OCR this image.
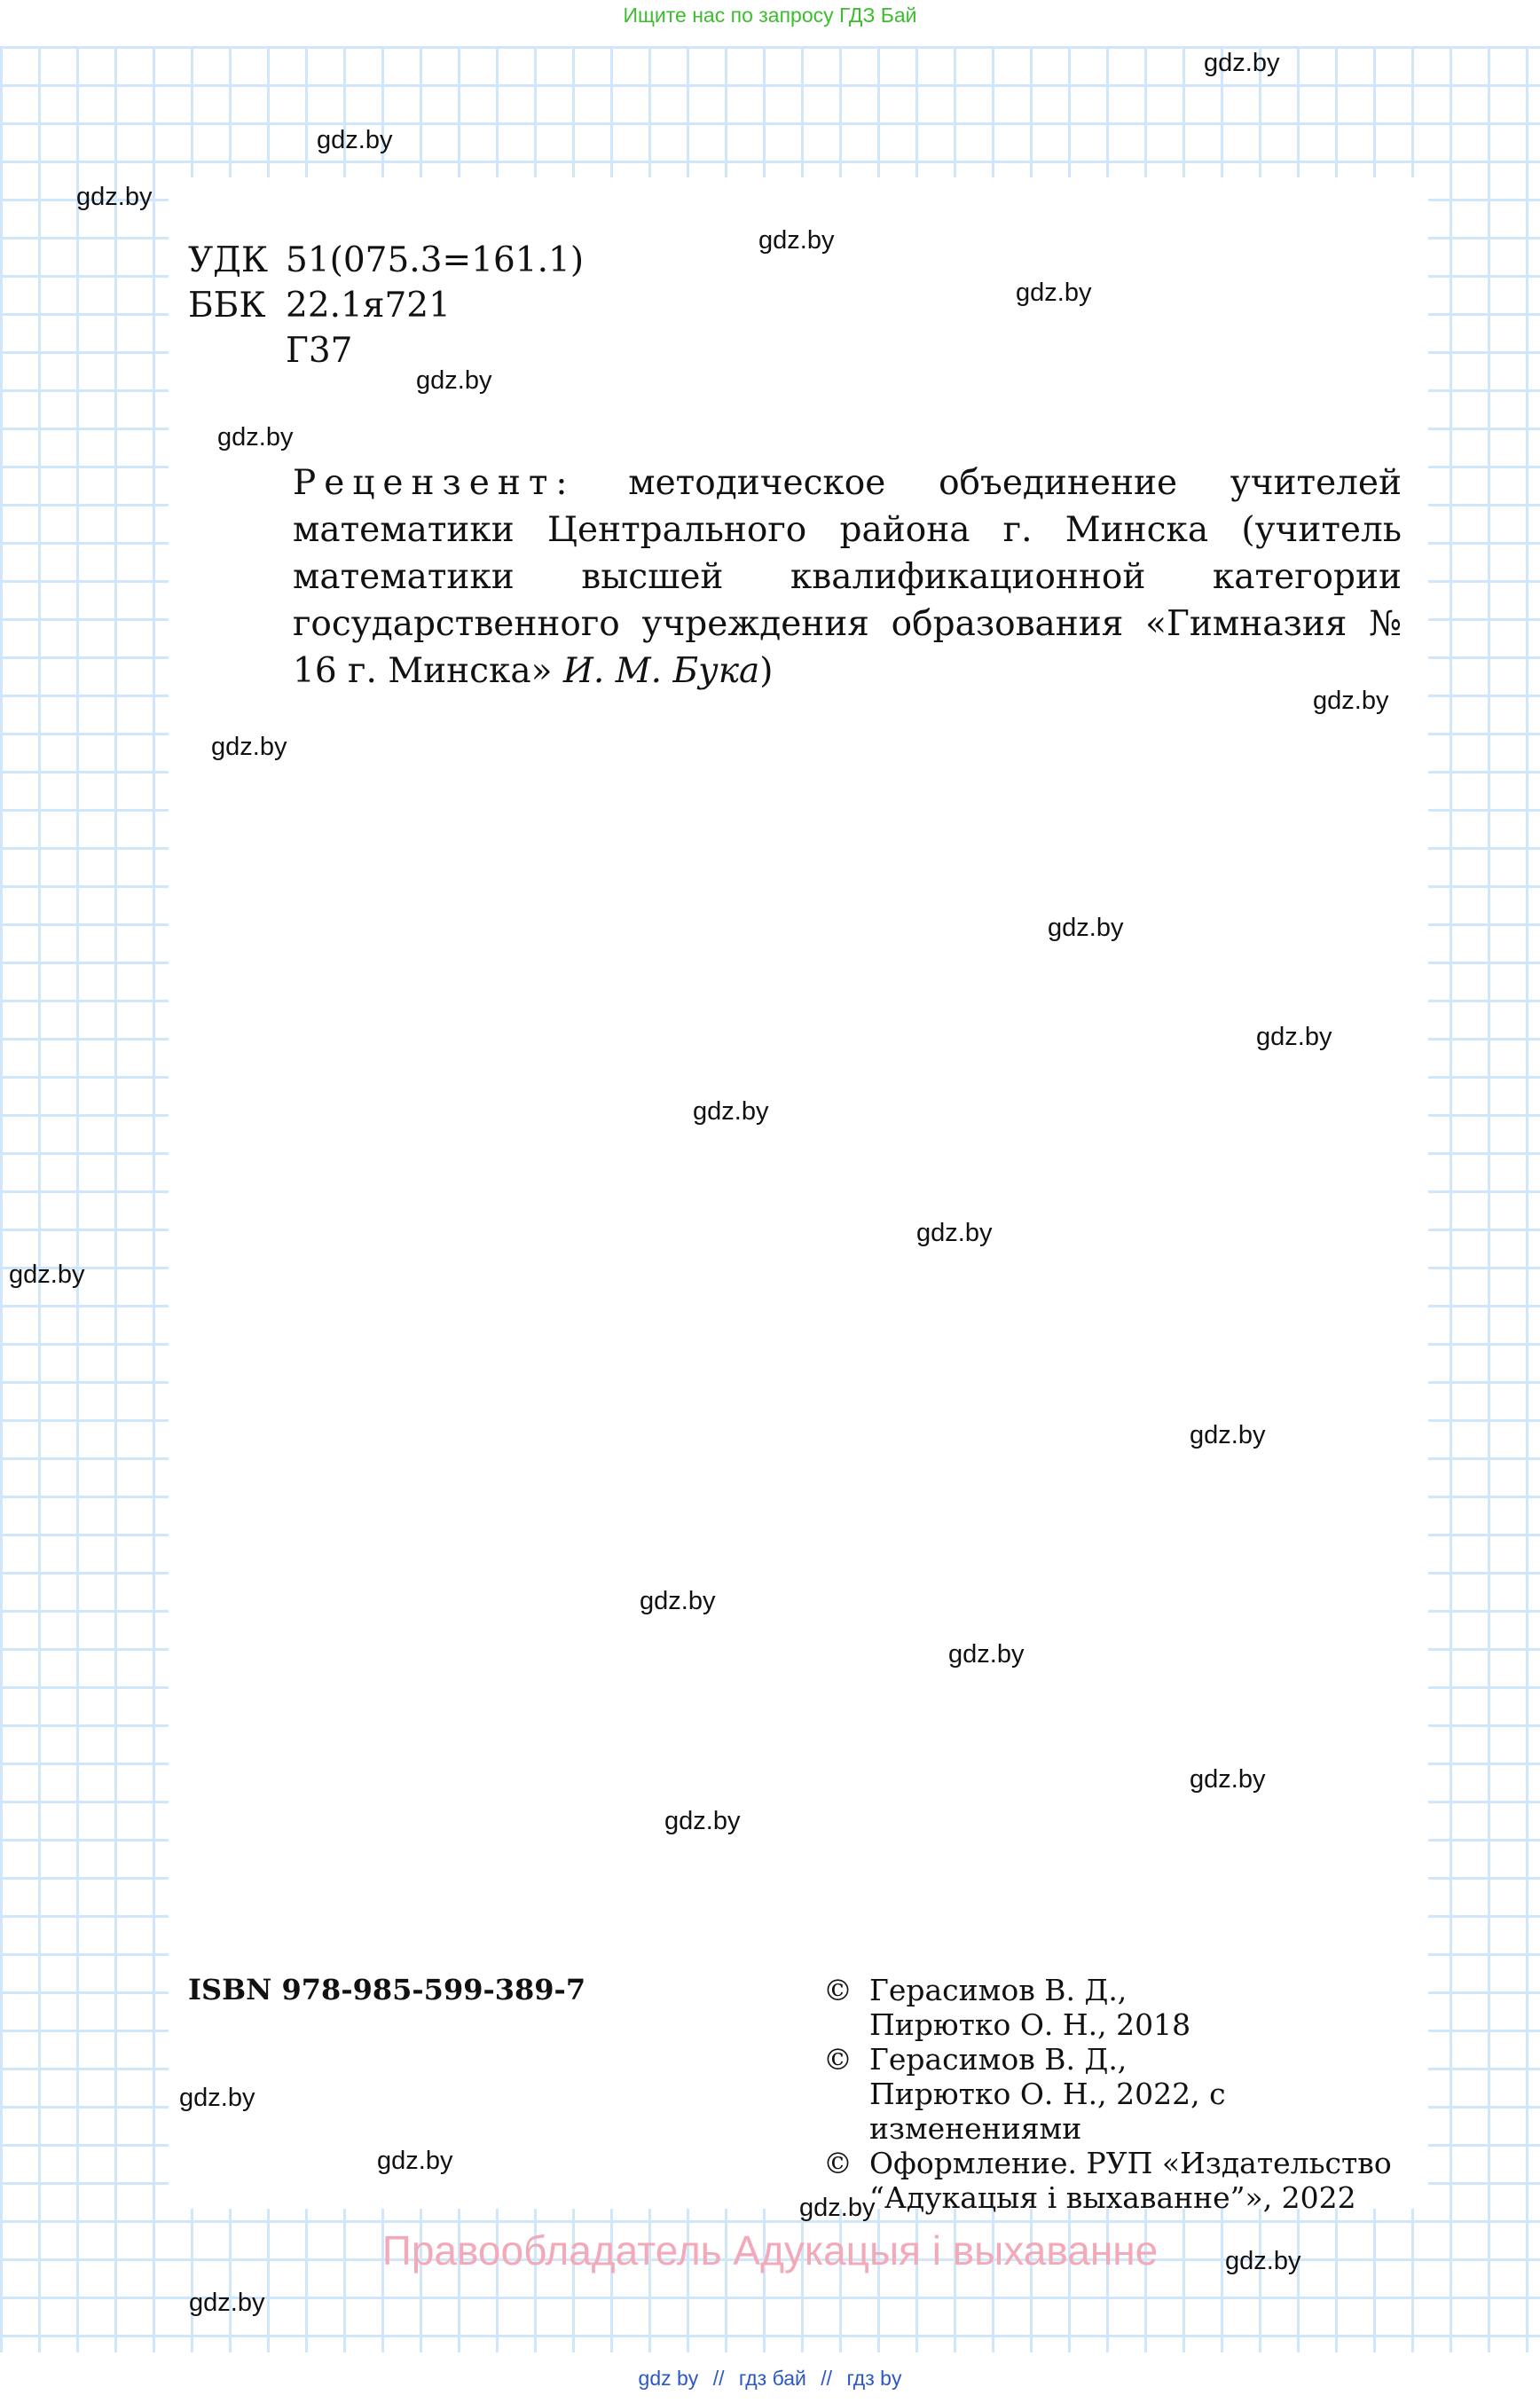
Ищите нас по запросу ГДЗ Бай
УДК 51(075.3=161.1)
ББК 22.1я721
Г37
Рецензент: методическое объединение учителей математики Центрального района г. Минска (учитель математики высшей квалификационной категории государственного учреждения образования «Гимназия № 16 г. Минска» И. М. Бука)
ISBN 978-985-599-389-7	© Герасимов В. Д.,
Пирютко О. Н., 2018
© Герасимов В. Д.,
Пирютко О. Н., 2022, с изменениями
© Оформление. РУП «Издательство
“Адукацыя і выхаванне”», 2022
Правообладатель Адукацыя і выхаванне
gdz.by
gdz.by
gdz.by
gdz.by
gdz.by
gdz.by
gdz.by
gdz.by
gdz.by
gdz.by
gdz.by
gdz.by
gdz.by
gdz.by
gdz.by
gdz.by
gdz.by
gdz.by
gdz.by
gdz.by
gdz.by
gdz.by
gdz.by
gdz.by
gdz by // гдз бай // гдз by
